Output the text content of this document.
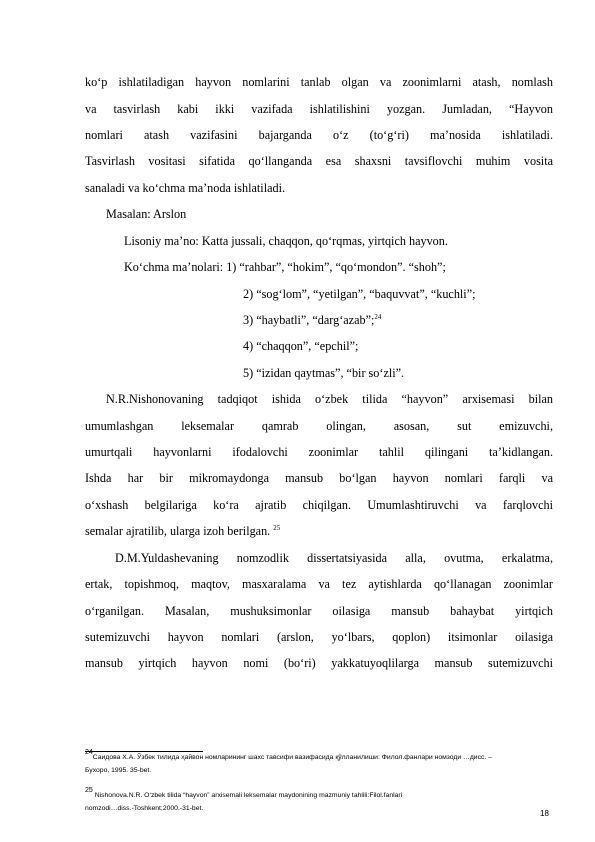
ko‘p ishlatiladigan hayvon nomlarini tanlab olgan va zoonimlarni atash, nomlash
va tasvirlash kabi ikki vazifada ishlatilishini yozgan. Jumladan, “Hayvon
nomlari atash vazifasini bajarganda o‘z (to‘g‘ri) ma’nosida ishlatiladi.
Tasvirlash vositasi sifatida qo‘llanganda esa shaxsni tavsiflovchi muhim vosita
sanaladi va ko‘chma ma’noda ishlatiladi.
Masalan: Arslon
Lisoniy ma’no: Katta jussali, chaqqon, qo‘rqmas, yirtqich hayvon.
Ko‘chma ma’nolari: 1) “rahbar”, “hokim”, “qo‘mondon”. “shoh”;
2) “sog‘lom”, “yetilgan”, “baquvvat”, “kuchli”;
3) “haybatli”, “darg‘azab”;$^{24}$
4) “chaqqon”, “epchil”;
5) “izidan qaytmas”, “bir so‘zli”.
N.R.Nishonovaning tadqiqot ishida o‘zbek tilida “hayvon” arxisemasi bilan
umumlashgan leksemalar qamrab olingan, asosan, sut emizuvchi,
umurtqali hayvonlarni ifodalovchi zoonimlar tahlil qilingani ta’kidlangan.
Ishda har bir mikromaydonga mansub bo‘lgan hayvon nomlari farqli va
o‘xshash belgilariga ko‘ra ajratib chiqilgan. Umumlashtiruvchi va farqlovchi
semalar ajratilib, ularga izoh berilgan. $^{25}$
D.M.Yuldashevaning nomzodlik dissertatsiyasida alla, ovutma, erkalatma,
ertak, topishmoq, maqtov, masxaralama va tez aytishlarda qo‘llanagan zoonimlar
o‘rganilgan. Masalan, mushuksimonlar oilasiga mansub bahaybat yirtqich
sutemizuvchi hayvon nomlari (arslon, yo‘lbars, qoplon) itsimonlar oilasiga
mansub yirtqich hayvon nomi (bo‘ri) yakkatuyoqlilarga mansub sutemizuvchi
$^{24}$Саидова Х.А. Ўзбек тилида ҳайвон номларининг шахс тавсифи вазифасида қўлланилиши: Филол.фанлари номзоди …дисс. –
Бухоро, 1995. 35-bet.
$^{25}$ Nishonova.N.R. O‘zbek tilida “hayvon” arxisemali leksemalar maydonining mazmuniy tahlili:Filol.fanlari
nomzodi…diss.-Toshkent;2000.-31-bet.
18
